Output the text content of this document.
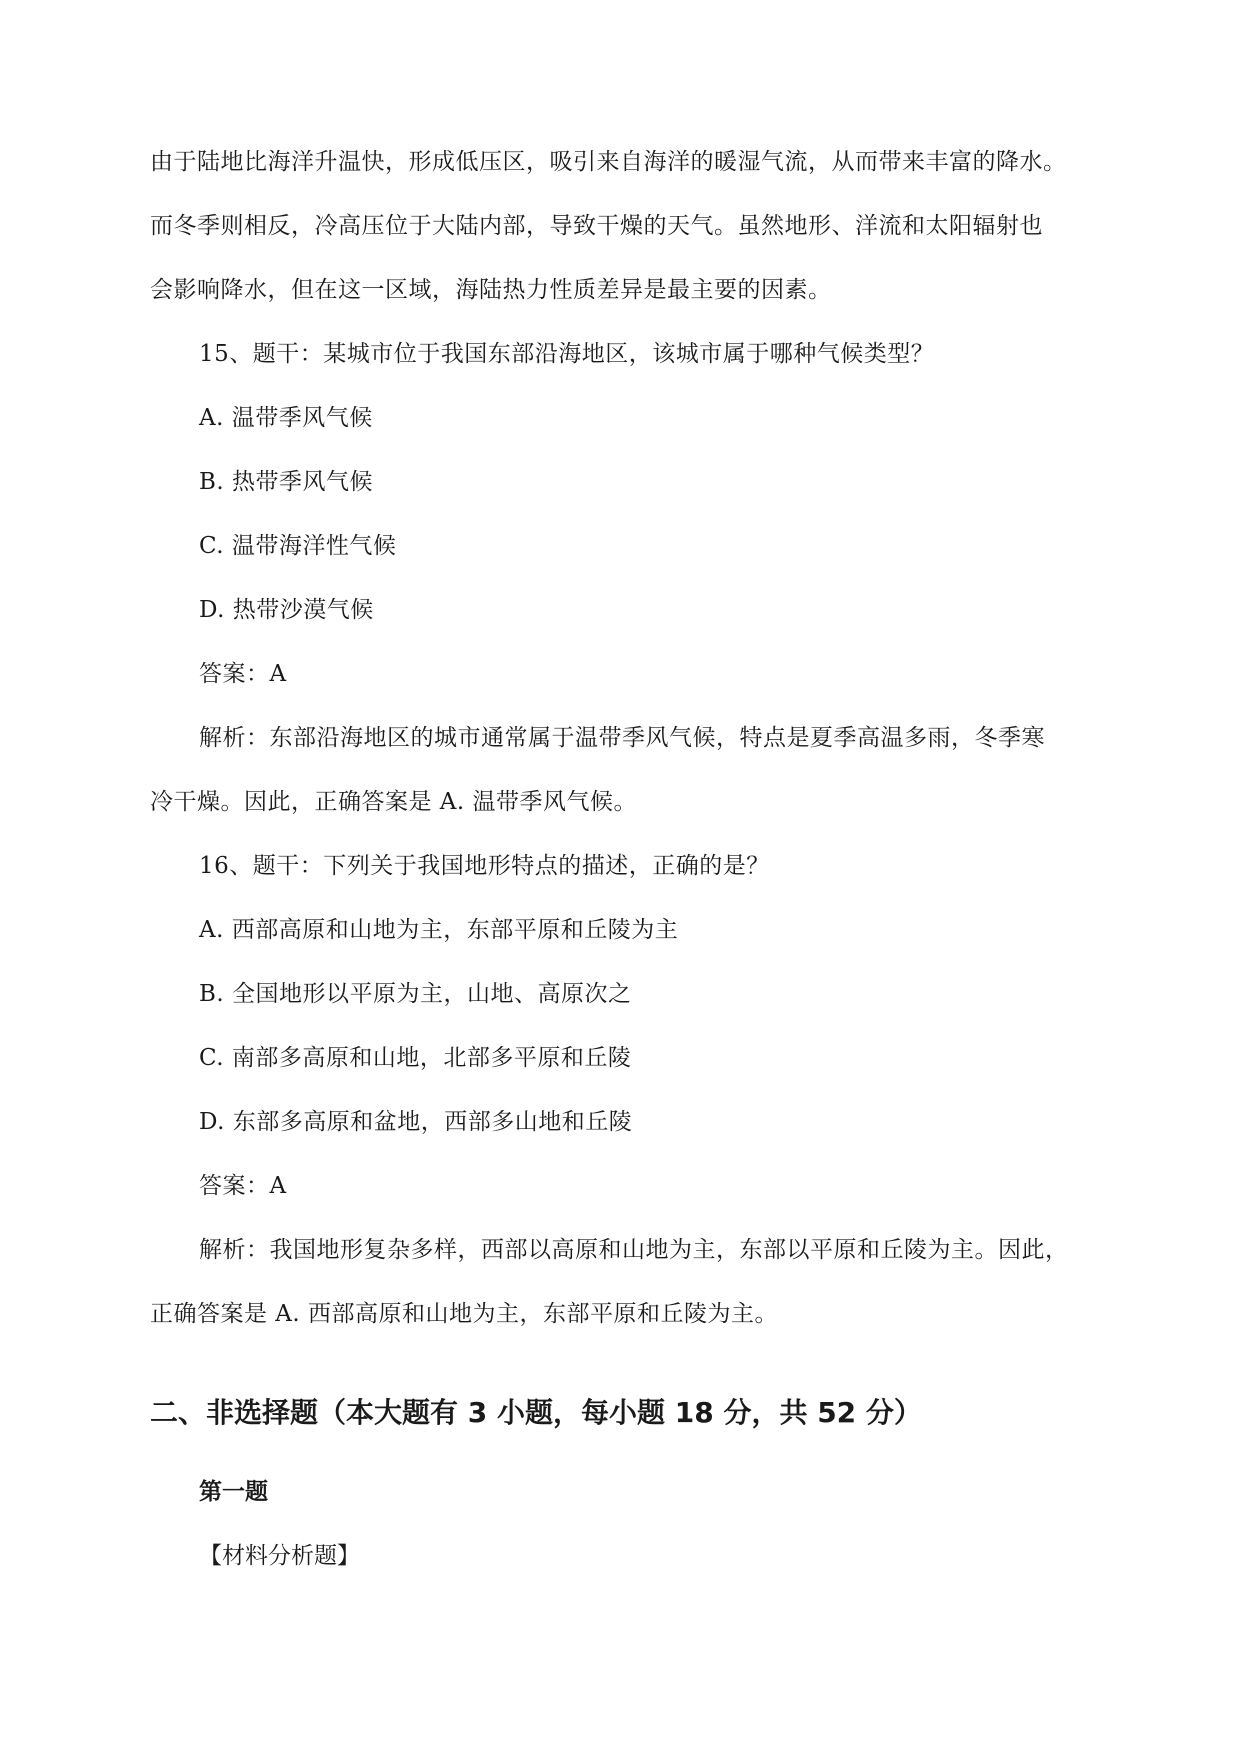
由于陆地比海洋升温快，形成低压区，吸引来自海洋的暖湿气流，从而带来丰富的降水。
而冬季则相反，冷高压位于大陆内部，导致干燥的天气。虽然地形、洋流和太阳辐射也
会影响降水，但在这一区域，海陆热力性质差异是最主要的因素。
15、题干：某城市位于我国东部沿海地区，该城市属于哪种气候类型？
A. 温带季风气候
B. 热带季风气候
C. 温带海洋性气候
D. 热带沙漠气候
答案：A
解析：东部沿海地区的城市通常属于温带季风气候，特点是夏季高温多雨，冬季寒
冷干燥。因此，正确答案是 A. 温带季风气候。
16、题干：下列关于我国地形特点的描述，正确的是？
A. 西部高原和山地为主，东部平原和丘陵为主
B. 全国地形以平原为主，山地、高原次之
C. 南部多高原和山地，北部多平原和丘陵
D. 东部多高原和盆地，西部多山地和丘陵
答案：A
解析：我国地形复杂多样，西部以高原和山地为主，东部以平原和丘陵为主。因此，
正确答案是 A. 西部高原和山地为主，东部平原和丘陵为主。
二、非选择题（本大题有 3 小题，每小题 18 分，共 52 分）
第一题
【材料分析题】
